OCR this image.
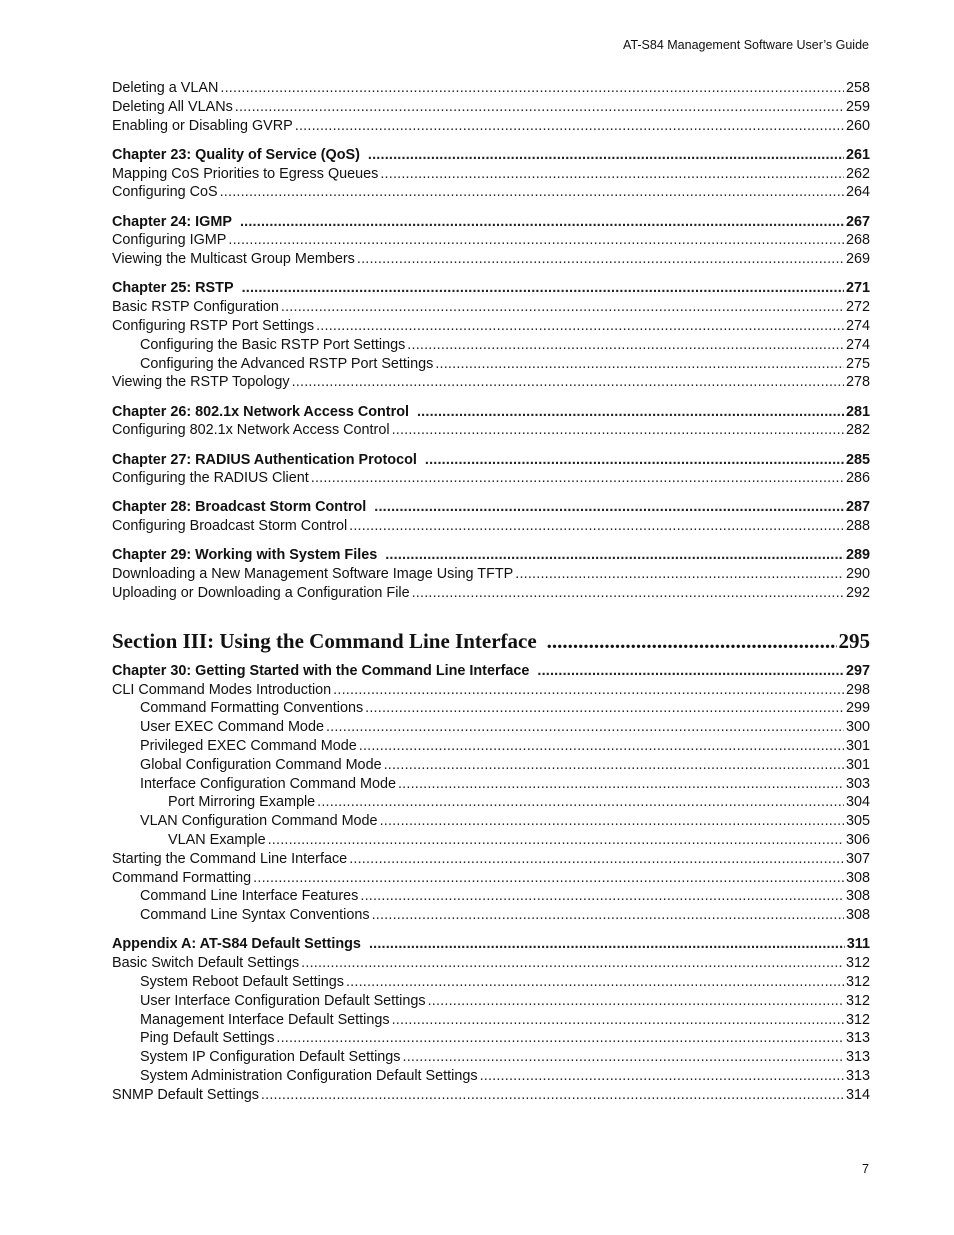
AT-S84 Management Software User’s Guide
Deleting a VLAN .....	258
Deleting All VLANs .....	259
Enabling or Disabling GVRP .....	260
Chapter 23: Quality of Service (QoS) .....	261
Mapping CoS Priorities to Egress Queues .....	262
Configuring CoS .....	264
Chapter 24: IGMP .....	267
Configuring IGMP .....	268
Viewing the Multicast Group Members .....	269
Chapter 25: RSTP .....	271
Basic RSTP Configuration .....	272
Configuring RSTP Port Settings .....	274
Configuring the Basic RSTP Port Settings .....	274
Configuring the Advanced RSTP Port Settings .....	275
Viewing the RSTP Topology .....	278
Chapter 26: 802.1x Network Access Control .....	281
Configuring 802.1x Network Access Control .....	282
Chapter 27: RADIUS Authentication Protocol .....	285
Configuring the RADIUS Client .....	286
Chapter 28: Broadcast Storm Control .....	287
Configuring Broadcast Storm Control .....	288
Chapter 29: Working with System Files .....	289
Downloading a New Management Software Image Using TFTP .....	290
Uploading or Downloading a Configuration File .....	292
Section III: Using the Command Line Interface .....	295
Chapter 30: Getting Started with the Command Line Interface .....	297
CLI Command Modes Introduction .....	298
Command Formatting Conventions .....	299
User EXEC Command Mode .....	300
Privileged EXEC Command Mode .....	301
Global Configuration Command Mode .....	301
Interface Configuration Command Mode .....	303
Port Mirroring Example .....	304
VLAN Configuration Command Mode .....	305
VLAN Example .....	306
Starting the Command Line Interface .....	307
Command Formatting .....	308
Command Line Interface Features .....	308
Command Line Syntax Conventions .....	308
Appendix A: AT-S84 Default Settings .....	311
Basic Switch Default Settings .....	312
System Reboot Default Settings .....	312
User Interface Configuration Default Settings .....	312
Management Interface Default Settings .....	312
Ping Default Settings .....	313
System IP Configuration Default Settings .....	313
System Administration Configuration Default Settings .....	313
SNMP Default Settings .....	314
7
